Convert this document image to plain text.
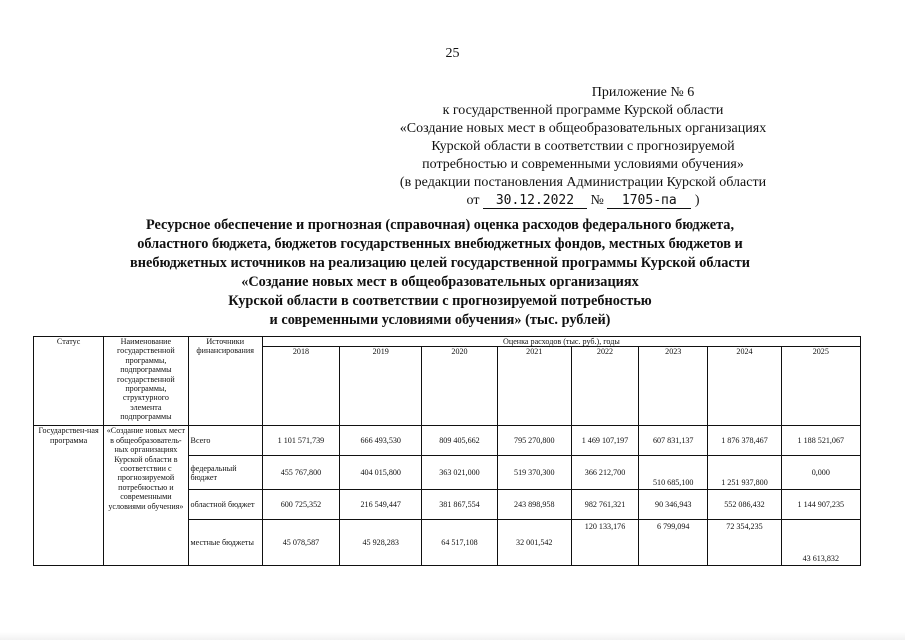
25
Приложение № 6
к государственной программе Курской области
«Создание новых мест в общеобразовательных организациях
Курской области в соответствии с прогнозируемой
потребностью и современными условиями обучения»
(в редакции постановления Администрации Курской области
от 30.12.2022 № 1705-па )
Ресурсное обеспечение и прогнозная (справочная) оценка расходов федерального бюджета,
областного бюджета, бюджетов государственных внебюджетных фондов, местных бюджетов и
внебюджетных источников на реализацию целей государственной программы Курской области
«Создание новых мест в общеобразовательных организациях
Курской области в соответствии с прогнозируемой потребностью
и современными условиями обучения» (тыс. рублей)
Статус	Наименование государственной программы, подпрограммы государственной программы, структурного элемента подпрограммы	Источники финансирования	Оценка расходов (тыс. руб.), годы							
			2018	2019	2020	2021	2022	2023	2024	2025
Государствен-ная программа	«Создание новых мест в общеобразователь-ных организациях Курской области в соответствии с прогнозируемой потребностью и современными условиями обучения»	Всего	1 101 571,739	666 493,530	809 405,662	795 270,800	1 469 107,197	607 831,137	1 876 378,467	1 188 521,067
		федеральный бюджет	455 767,800	404 015,800	363 021,000	519 370,300	366 212,700	510 685,100	1 251 937,800	0,000
		областной бюджет	600 725,352	216 549,447	381 867,554	243 898,958	982 761,321	90 346,943	552 086,432	1 144 907,235
		местные бюджеты	45 078,587	45 928,283	64 517,108	32 001,542	120 133,176	6 799,094	72 354,235	43 613,832
